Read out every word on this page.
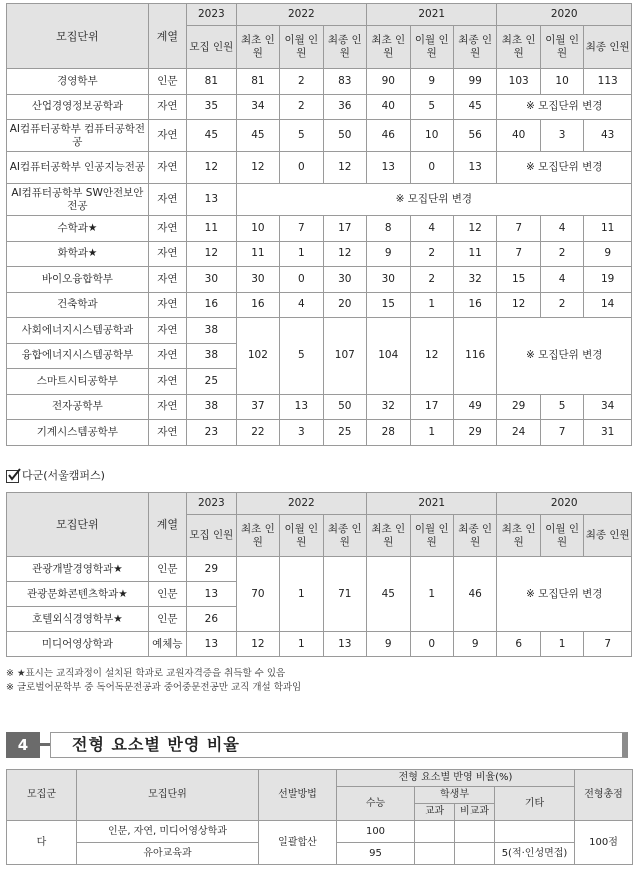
모집단위	계열	2023	2022			2021			2020		
		모집 인원	최초 인원	이월 인원	최종 인원	최초 인원	이월 인원	최종 인원	최초 인원	이월 인원	최종 인원
경영학부	인문	81	81	2	83	90	9	99	103	10	113
산업경영정보공학과	자연	35	34	2	36	40	5	45	※ 모집단위 변경		
AI컴퓨터공학부 컴퓨터공학전공	자연	45	45	5	50	46	10	56	40	3	43
AI컴퓨터공학부 인공지능전공	자연	12	12	0	12	13	0	13	※ 모집단위 변경		
AI컴퓨터공학부 SW안전보안전공	자연	13	※ 모집단위 변경								
수학과★	자연	11	10	7	17	8	4	12	7	4	11
화학과★	자연	12	11	1	12	9	2	11	7	2	9
바이오융합학부	자연	30	30	0	30	30	2	32	15	4	19
건축학과	자연	16	16	4	20	15	1	16	12	2	14
사회에너지시스템공학과	자연	38	102	5	107	104	12	116	※ 모집단위 변경		
융합에너지시스템공학부	자연	38									
스마트시티공학부	자연	25									
전자공학부	자연	38	37	13	50	32	17	49	29	5	34
기계시스템공학부	자연	23	22	3	25	28	1	29	24	7	31
다군(서울캠퍼스)
모집단위	계열	2023	2022			2021			2020		
		모집 인원	최초 인원	이월 인원	최종 인원	최초 인원	이월 인원	최종 인원	최초 인원	이월 인원	최종 인원
관광개발경영학과★	인문	29	70	1	71	45	1	46	※ 모집단위 변경		
관광문화콘텐츠학과★	인문	13									
호텔외식경영학부★	인문	26									
미디어영상학과	예체능	13	12	1	13	9	0	9	6	1	7
※ ★표시는 교직과정이 설치된 학과로 교원자격증을 취득할 수 있음
※ 글로벌어문학부 중 독어독문전공과 중어중문전공만 교직 개설 학과임
4	전형 요소별 반영 비율
모집군	모집단위	선발방법	전형 요소별 반영 비율(%)				전형총점
			수능	학생부		기타	
				교과	비교과		
다	인문, 자연, 미디어영상학과	일괄합산	100				100점
	유아교육과		95			5(적·인성면접)	
